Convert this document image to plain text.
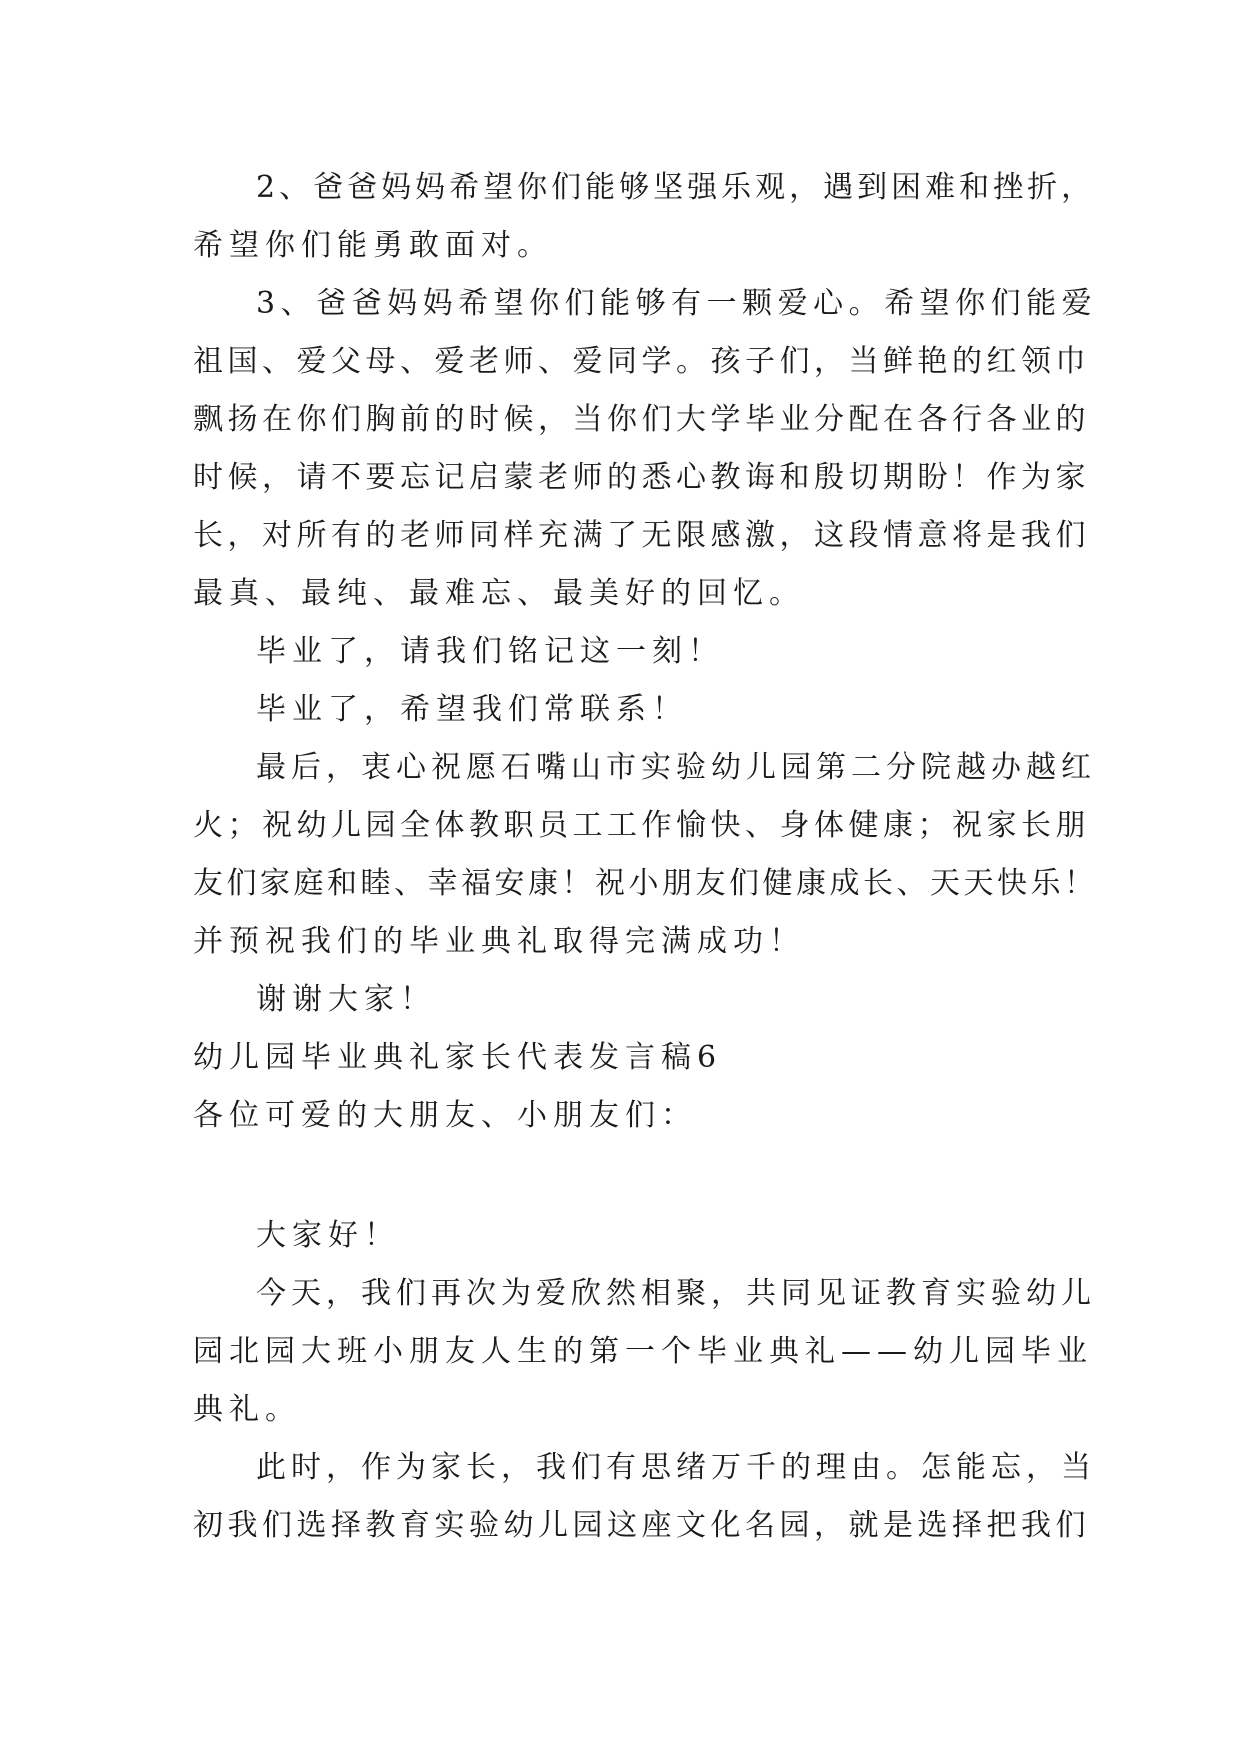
2、爸爸妈妈希望你们能够坚强乐观，遇到困难和挫折，
希望你们能勇敢面对。
3、爸爸妈妈希望你们能够有一颗爱心。希望你们能爱
祖国、爱父母、爱老师、爱同学。孩子们，当鲜艳的红领巾
飘扬在你们胸前的时候，当你们大学毕业分配在各行各业的
时候，请不要忘记启蒙老师的悉心教诲和殷切期盼！作为家
长，对所有的老师同样充满了无限感激，这段情意将是我们
最真、最纯、最难忘、最美好的回忆。
毕业了，请我们铭记这一刻！
毕业了，希望我们常联系！
最后，衷心祝愿石嘴山市实验幼儿园第二分院越办越红
火；祝幼儿园全体教职员工工作愉快、身体健康；祝家长朋
友们家庭和睦、幸福安康！祝小朋友们健康成长、天天快乐！
并预祝我们的毕业典礼取得完满成功！
谢谢大家！
幼儿园毕业典礼家长代表发言稿6
各位可爱的大朋友、小朋友们：
大家好！
今天，我们再次为爱欣然相聚，共同见证教育实验幼儿
园北园大班小朋友人生的第一个毕业典礼——幼儿园毕业
典礼。
此时，作为家长，我们有思绪万千的理由。怎能忘，当
初我们选择教育实验幼儿园这座文化名园，就是选择把我们
